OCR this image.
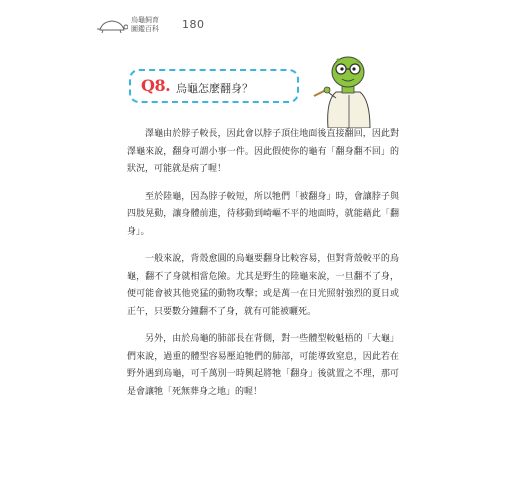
烏龜飼育
圖鑑百科 180
Q8. 烏龜怎麼翻身？

澤龜由於脖子較長，因此會以脖子頂住地面後直接翻回，因此對澤龜來說，翻身可謂小事一件。因此假使你的龜有「翻身翻不回」的狀況，可能就是病了喔！

至於陸龜，因為脖子較短，所以牠們「被翻身」時，會讓脖子與四肢晃動，讓身體前進，待移動到崎嶇不平的地面時，就能藉此「翻身」。

一般來說，背殼愈圓的烏龜要翻身比較容易，但對背殼較平的烏龜，翻不了身就相當危險。尤其是野生的陸龜來說，一旦翻不了身，便可能會被其他兇猛的動物攻擊；或是萬一在日光照射強烈的夏日或正午，只要數分鐘翻不了身，就有可能被曬死。

另外，由於烏龜的肺部長在背側，對一些體型較魁梧的「大龜」們來說，過重的體型容易壓迫牠們的肺部，可能導致窒息，因此若在野外遇到烏龜，可千萬別一時興起將牠「翻身」後就置之不理，那可是會讓牠「死無葬身之地」的喔！
